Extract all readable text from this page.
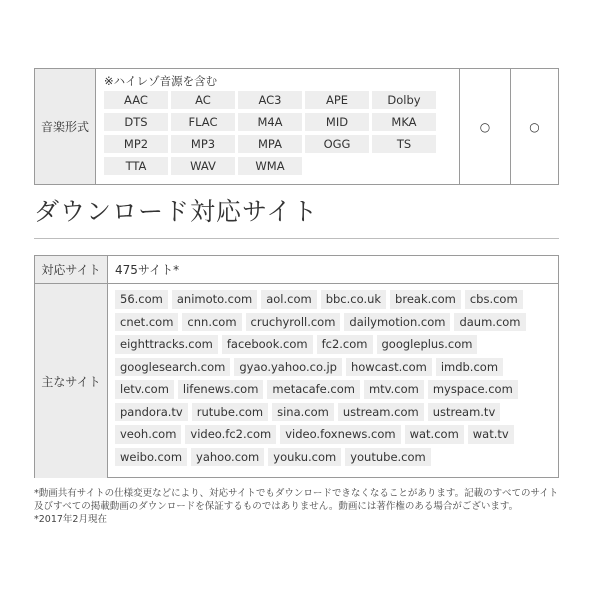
音楽形式
※ハイレゾ音源を含む
AAC	AC	AC3	APE	Dolby
DTS	FLAC	M4A	MID	MKA
MP2	MP3	MPA	OGG	TS
TTA	WAV	WMA
○	○
ダウンロード対応サイト
対応サイト	475サイト*
主なサイト
56.com	animoto.com	aol.com	bbc.co.uk	break.com	cbs.com
cnet.com	cnn.com	cruchyroll.com	dailymotion.com	daum.com
eighttracks.com	facebook.com	fc2.com	googleplus.com
googlesearch.com	gyao.yahoo.co.jp	howcast.com	imdb.com
letv.com	lifenews.com	metacafe.com	mtv.com	myspace.com
pandora.tv	rutube.com	sina.com	ustream.com	ustream.tv
veoh.com	video.fc2.com	video.foxnews.com	wat.com	wat.tv
weibo.com	yahoo.com	youku.com	youtube.com

*動画共有サイトの仕様変更などにより、対応サイトでもダウンロードできなくなることがあります。記載のすべてのサイト及びすべての掲載動画のダウンロードを保証するものではありません。動画には著作権のある場合がございます。

*2017年2月現在
